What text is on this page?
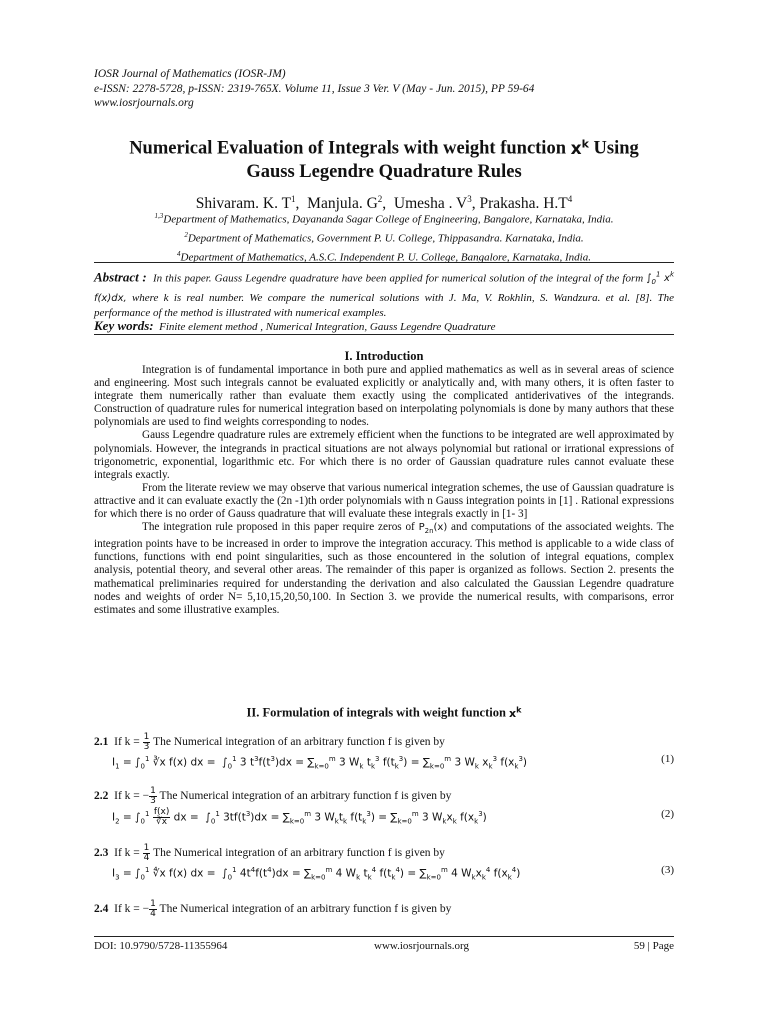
IOSR Journal of Mathematics (IOSR-JM)
e-ISSN: 2278-5728, p-ISSN: 2319-765X. Volume 11, Issue 3 Ver. V (May - Jun. 2015), PP 59-64
www.iosrjournals.org
Numerical Evaluation of Integrals with weight function $x^k$ Using
Gauss Legendre Quadrature Rules
Shivaram. K. $T^1$,  Manjula. $G^2$,  Umesha . $V^3$, Prakasha. $H.T^4$
$^{1,3}$Department of Mathematics, Dayananda Sagar College of Engineering, Bangalore, Karnataka, India.
$^2$Department of Mathematics, Government P. U. College, Thippasandra. Karnataka, India.
$^4$Department of Mathematics, A.S.C. Independent P. U. College, Bangalore, Karnataka, India.
Abstract : In this paper. Gauss Legendre quadrature have been applied for numerical solution of the integral of the form $\int_0^1$ $x^k$ f(x)dx, where k is real number. We compare the numerical solutions with J. Ma, V. Rokhlin, S. Wandzura. et al. [8]. The performance of the method is illustrated with numerical examples.
Key words: Finite element method , Numerical Integration, Gauss Legendre Quadrature
I. Introduction

Integration is of fundamental importance in both pure and applied mathematics as well as in several areas of science and engineering. Most such integrals cannot be evaluated explicitly or analytically and, with many others, it is often faster to integrate them numerically rather than evaluate them exactly using the complicated antiderivatives of the integrands. Construction of quadrature rules for numerical integration based on interpolating polynomials is done by many authors that these polynomials are used to find weights corresponding to nodes.

Gauss Legendre quadrature rules are extremely efficient when the functions to be integrated are well approximated by polynomials. However, the integrands in practical situations are not always polynomial but rational or irrational expressions of trigonometric, exponential, logarithmic etc. For which there is no order of Gaussian quadrature rules cannot evaluate these integrals exactly.

From the literate review we may observe that various numerical integration schemes, the use of Gaussian quadrature is attractive and it can evaluate exactly the (2n -1)th order polynomials with n Gauss integration points in [1] . Rational expressions for which there is no order of Gauss quadrature that will evaluate these integrals exactly in [1- 3]

The integration rule proposed in this paper require zeros of $P_{2n}(x)$ and computations of the associated weights. The integration points have to be increased in order to improve the integration accuracy. This method is applicable to a wide class of functions, functions with end point singularities, such as those encountered in the solution of integral equations, complex analysis, potential theory, and several other areas. The remainder of this paper is organized as follows. Section 2. presents the mathematical preliminaries required for understanding the derivation and also calculated the Gaussian Legendre quadrature nodes and weights of order N= 5,10,15,20,50,100. In Section 3. we provide the numerical results, with comparisons, error estimates and some illustrative examples.

II. Formulation of integrals with weight function $x^k$
2.1 If $k = \frac{1}{3}$ The Numerical integration of an arbitrary function f is given by
$I_1 = \int_0^1$ ∛x f(x) dx =  $\int_0^1$ 3 $t^3f(t^3)dx = \sum_{k=0}^m$ 3 $W_k$ $t_k^3$ $f(t_k^3) = \sum_{k=0}^m$ 3 $W_k$ $x_k^3$ $f(x_k^3)$	(1)
2.2 If k = − $\frac{1}{3}$ The Numerical integration of an arbitrary function f is given by
$I_2 = \int_0^1 \frac{f(x)}{∛x}$ dx =  $\int_0^1$ $3tf(t^3)dx = \sum_{k=0}^m$ 3 $W_kt_k$ $f(t_k^3) = \sum_{k=0}^m$ 3 $W_kx_k$ $f(x_k^3)$	(2)
2.3 If $k = \frac{1}{4}$ The Numerical integration of an arbitrary function f is given by
$I_3 = \int_0^1$ ∜x f(x) dx =  $\int_0^1$ $4t^4f(t^4)dx = \sum_{k=0}^m$ 4 $W_k$ $t_k^4$ $f(t_k^4) = \sum_{k=0}^m$ 4 $W_kx_k^4$ $f(x_k^4)$	(3)
2.4 If k = − $\frac{1}{4}$ The Numerical integration of an arbitrary function f is given by
DOI: 10.9790/5728-11355964	www.iosrjournals.org	59 | Page
